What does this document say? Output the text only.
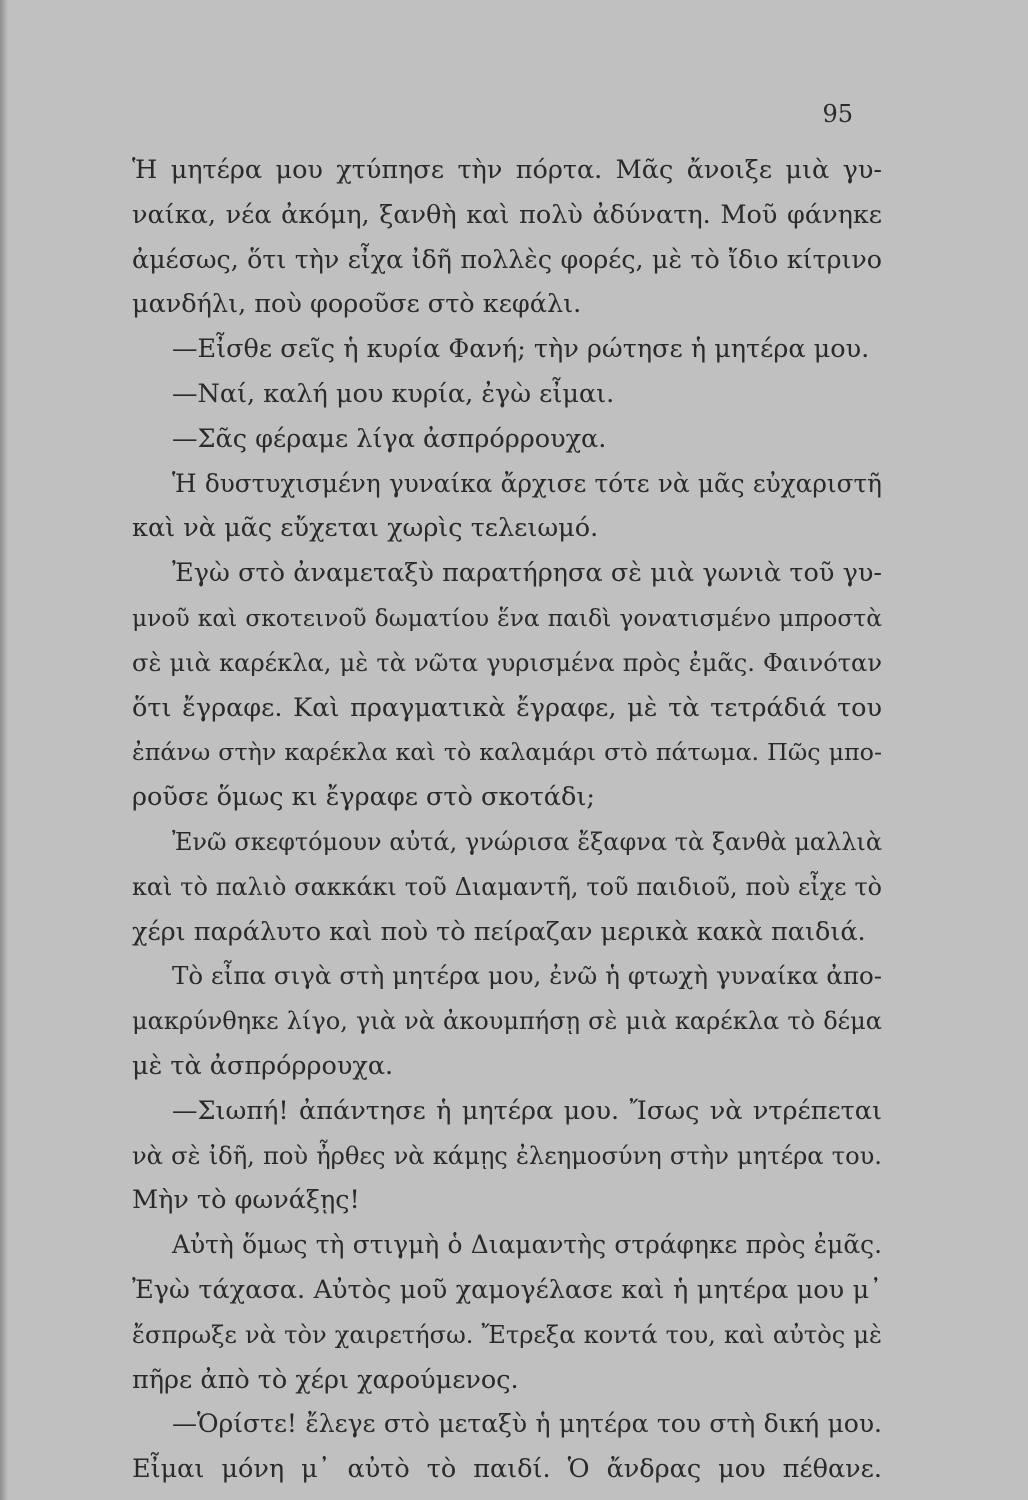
95
Ἡ μητέρα μου χτύπησε τὴν πόρτα. Μᾶς ἄνοιξε μιὰ γυ-
ναίκα, νέα ἀκόμη, ξανθὴ καὶ πολὺ ἀδύνατη. Μοῦ φάνηκε
ἀμέσως, ὅτι τὴν εἶχα ἰδῆ πολλὲς φορές, μὲ τὸ ἴδιο κίτρινο
μανδήλι, ποὺ φοροῦσε στὸ κεφάλι.
—Εἶσθε σεῖς ἡ κυρία Φανή; τὴν ρώτησε ἡ μητέρα μου.
—Ναί, καλή μου κυρία, ἐγὼ εἶμαι.
—Σᾶς φέραμε λίγα ἀσπρόρρουχα.
Ἡ δυστυχισμένη γυναίκα ἄρχισε τότε νὰ μᾶς εὐχαριστῆ
καὶ νὰ μᾶς εὔχεται χωρὶς τελειωμό.
Ἐγὼ στὸ ἀναμεταξὺ παρατήρησα σὲ μιὰ γωνιὰ τοῦ γυ-
μνοῦ καὶ σκοτεινοῦ δωματίου ἕνα παιδὶ γονατισμένο μπροστὰ
σὲ μιὰ καρέκλα, μὲ τὰ νῶτα γυρισμένα πρὸς ἐμᾶς. Φαινόταν
ὅτι ἔγραφε. Καὶ πραγματικὰ ἔγραφε, μὲ τὰ τετράδιά του
ἐπάνω στὴν καρέκλα καὶ τὸ καλαμάρι στὸ πάτωμα. Πῶς μπο-
ροῦσε ὅμως κι ἔγραφε στὸ σκοτάδι;
Ἐνῶ σκεφτόμουν αὐτά, γνώρισα ἔξαφνα τὰ ξανθὰ μαλλιὰ
καὶ τὸ παλιὸ σακκάκι τοῦ Διαμαντῆ, τοῦ παιδιοῦ, ποὺ εἶχε τὸ
χέρι παράλυτο καὶ ποὺ τὸ πείραζαν μερικὰ κακὰ παιδιά.
Τὸ εἶπα σιγὰ στὴ μητέρα μου, ἐνῶ ἡ φτωχὴ γυναίκα ἀπο-
μακρύνθηκε λίγο, γιὰ νὰ ἀκουμπήσῃ σὲ μιὰ καρέκλα τὸ δέμα
μὲ τὰ ἀσπρόρρουχα.
—Σιωπή! ἀπάντησε ἡ μητέρα μου. Ἴσως νὰ ντρέπεται
νὰ σὲ ἰδῆ, ποὺ ἦρθες νὰ κάμῃς ἐλεημοσύνη στὴν μητέρα του.
Μὴν τὸ φωνάξῃς!
Αὐτὴ ὅμως τὴ στιγμὴ ὁ Διαμαντὴς στράφηκε πρὸς ἐμᾶς.
Ἐγὼ τάχασα. Αὐτὸς μοῦ χαμογέλασε καὶ ἡ μητέρα μου μ᾿
ἔσπρωξε νὰ τὸν χαιρετήσω. Ἔτρεξα κοντά του, καὶ αὐτὸς μὲ
πῆρε ἀπὸ τὸ χέρι χαρούμενος.
—Ὁρίστε! ἔλεγε στὸ μεταξὺ ἡ μητέρα του στὴ δική μου.
Εἶμαι μόνη μ᾿ αὐτὸ τὸ παιδί. Ὁ ἄνδρας μου πέθανε.
